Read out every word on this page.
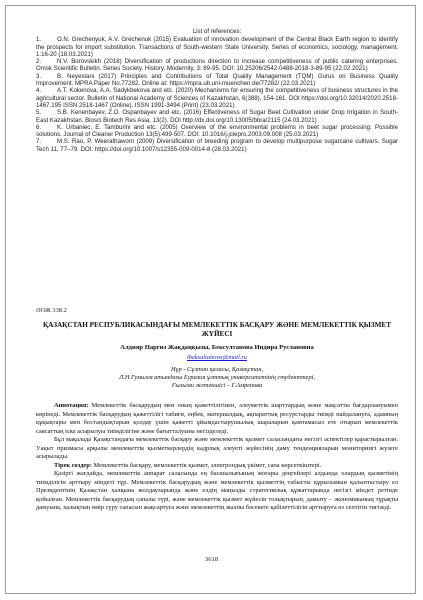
List of references:

1.	O.N. Grechenyuk, A.V. Grechenuk (2015) Evaluation of innovation development of the Central Black Earth region to identify the prospects for import substitution. Transactions of South-western State University. Series of economics, sociology, management, 1:16-20 (18.03.2021)

2.	N.V. Borovskikh (2018) Diversification of productions direction to increase competitiveness of public catering enterprises. Omsk Scientific Bulletin. Series Society. History. Modernity, 3: 89-95. DOI: 10.25206/2542-0488-2018-3-89-95 (22.02.2021)

3.	B. Neyestani (2017) Principles and Contributions of Total Quality Management (TQM) Gurus on Business Quality Improvement. MPRA Paper No.77282. Online at: https://mpra.ub.uni-muenchen.de/77282/ (22.03.2021)

4.	A.T. Kokenova, A.A. Sadykbekova and etc. (2020) Mechanisms for ensuring the competitiveness of business structures in the agricultural sector. Bulletin of National Academy of Sciences of Kazakhstan, 6(388), 154-161. DOI https://doi.org/10.32014/2020.2518-1467.195 ISSN 2518-1467 (Online), ISSN 1991-3494 (Print) (23.03.2021)

5.	S.B. Kenenbayev, Z.O. Ospanbayev and etc. (2016) Effectiveness of Sugar Beet Cultivation under Drop Irrigation in South-East Kazakhstan. Biosci Biotech Res Asia, 13(2). DOI http://dx.doi.org/10.13005/bbra/2115 (24.03.2021)

6.	K. Urbaniec, E. Tamburini and etc. (2005) Overview of the environmental problems in beet sugar processing: Possible solutions. Journal of Cleaner Production 13(5):499-507. DOI: 10.1016/j.jclepro.2003.09.008 (25.03.2021)

7.	M.S. Rao, P. Weerathaworn (2009) Diversification of breeding program to develop multipurpose sugarcane cultivars. Sugar Tech 11, 77–79. DOI: https://doi.org/10.1007/s12355-009-0014-8 (28.03.2021)

ӘОЖ 338.2
ҚАЗАҚСТАН РЕСПУБЛИКАСЫНДАҒЫ МЕМЛЕКЕТТІК БАСҚАРУ ЖӘНЕ МЕМЛЕКЕТТІК ҚЫЗМЕТ ЖҮЙЕСІ
Алдияр Наргиз Жақдаңқызы, Бексултанова Индира Руслановна
ibeksultanova@mail.ru
Нұр - Сұлтан қаласы, Қазақстан,
Л.Н.Гумилев атындағы Еуразия ұлттық университетінің студенттері,
Ғылыми жетекшісі – Г.Амренова

Аннотация: Мемлекеттік басқарудың мен оның қажеттілігінен, әлеуметтік шарттардың және мақсатты бағдарлануымен көрінеді. Мемлекеттік басқарудың қажеттілігі табиғи, еңбек, материалдық, ақпараттық ресурстарды тиімді пайдалануға, адамның құқықтары мен бостандықтарын қолдау үшін қажетті ұйымдастырушылық шараларын қамтамасыз ете отырып мемлекеттік саясаттың іске асырылуы тиімділігіне және бағытталуына негізделеді.

Бұл мақалада Қазақстандағы мемлекеттік басқару және мемлекеттік қызмет саласындағы негізгі аспектілер қарастырылған. Уақыт призмасы арқылы мемлекеттік қызметкерлердің кадрлық әлеуеті жүйесінің даму тенденцияларын мониторингі жүзеге асырылады.

Тірек сөздер: Мемлекеттік басқару, мемлекеттік қызмет, электрондық үкімет, сапа көрсеткіштері.

Қазіргі жағдайда, мемлекеттік аппарат саласында ең басшылығының жоғары деңгейлері алдында олардың қызметінің тиімділігін арттыру міндеті тұр. Мемлекеттік басқарудың және мемлекеттік қызметтің табысты құрылымын қалыптастыру ел Президентінің Қазақстан халқына жолдауларында және елдің маңызды стратегиялық құжаттарында негізгі міндет ретінде қойылған. Мемлекеттік басқарудың сапалы түрі, және мемлекеттік қызмет жүйесін толықтырып, дамыту – экономиканың тұрақты дамуына, халықтың өмір сүру сапасын жақсартуға және мемлекеттің жалпы бәсекеге қабілеттілігін арттыруға өз септігін тигізеді.

3618
